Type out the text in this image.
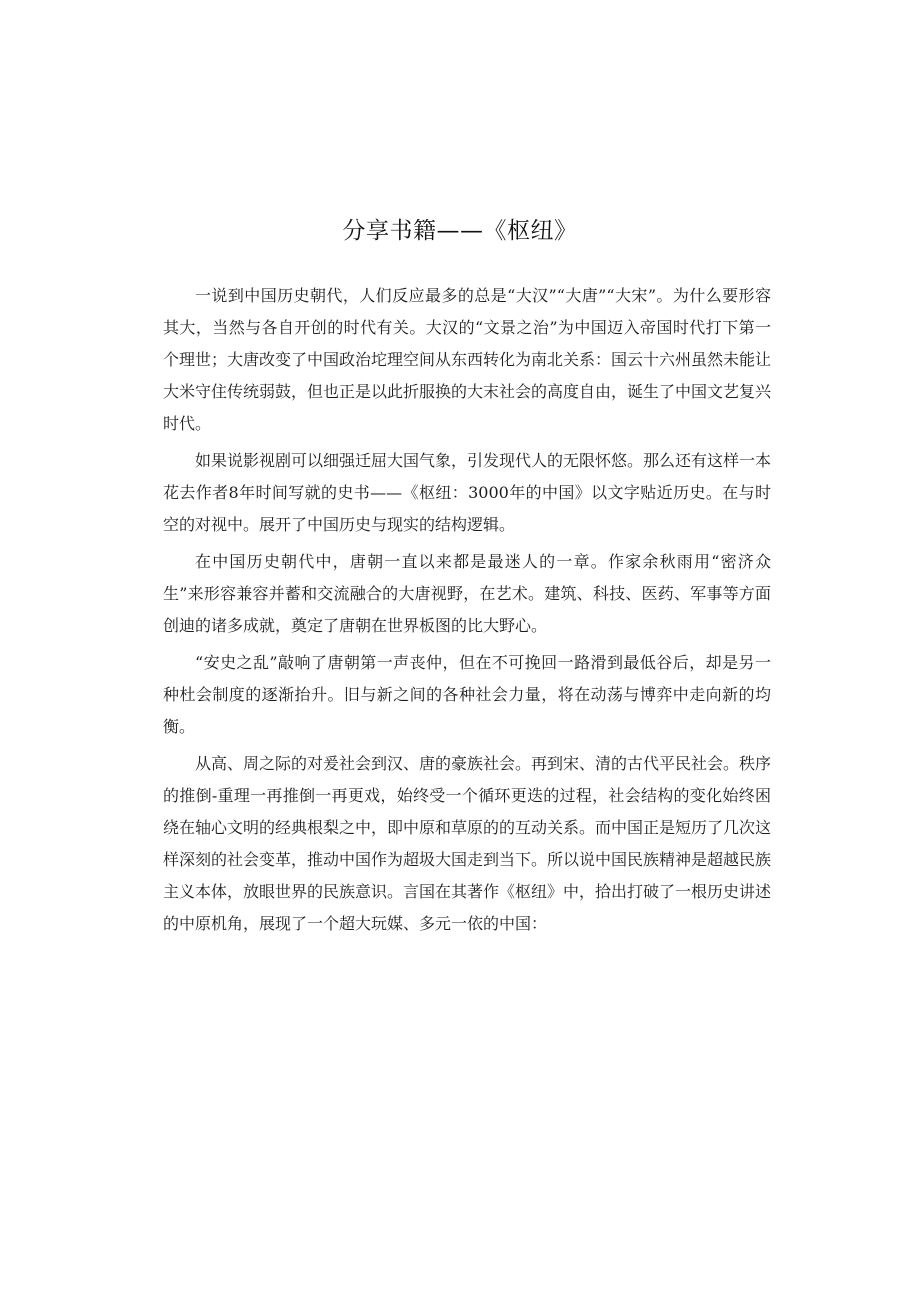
分享书籍——《枢纽》

一说到中国历史朝代，人们反应最多的总是“大汉”“大唐”“大宋”。为什么要形容其大，当然与各自开创的时代有关。大汉的“文景之治”为中国迈入帝国时代打下第一个理世；大唐改变了中国政治坨理空间从东西转化为南北关系：国云十六州虽然未能让大米守住传统弱鼓，但也正是以此折服换的大末社会的高度自由，诞生了中国文艺复兴时代。

如果说影视剧可以细强迁屈大国气象，引发现代人的无限怀悠。那么还有这样一本花去作者8年时间写就的史书——《枢纽：3000年的中国》以文字贴近历史。在与时空的对视中。展开了中国历史与现实的结构逻辑。

在中国历史朝代中，唐朝一直以来都是最迷人的一章。作家余秋雨用“密济众生”来形容兼容并蓄和交流融合的大唐视野，在艺术。建筑、科技、医药、军事等方面创迪的诸多成就，奠定了唐朝在世界板图的比大野心。

“安史之乱”敲响了唐朝第一声丧仲，但在不可挽回一路滑到最低谷后，却是另一种杜会制度的逐渐抬升。旧与新之间的各种社会力量，将在动荡与博弈中走向新的均衡。

从高、周之际的对爰社会到汉、唐的豪族社会。再到宋、清的古代平民社会。秩序的推倒-重理一再推倒一再更戏，始终受一个循环更迭的过程，社会结构的变化始终困绕在轴心文明的经典根梨之中，即中原和草原的的互动关系。而中国正是短历了几次这样深刻的社会变革，推动中国作为超圾大国走到当下。所以说中国民族精神是超越民族主义本体，放眼世界的民族意识。言国在其著作《枢纽》中，拾出打破了一根历史讲述的中原机角，展现了一个超大玩媒、多元一依的中国：
